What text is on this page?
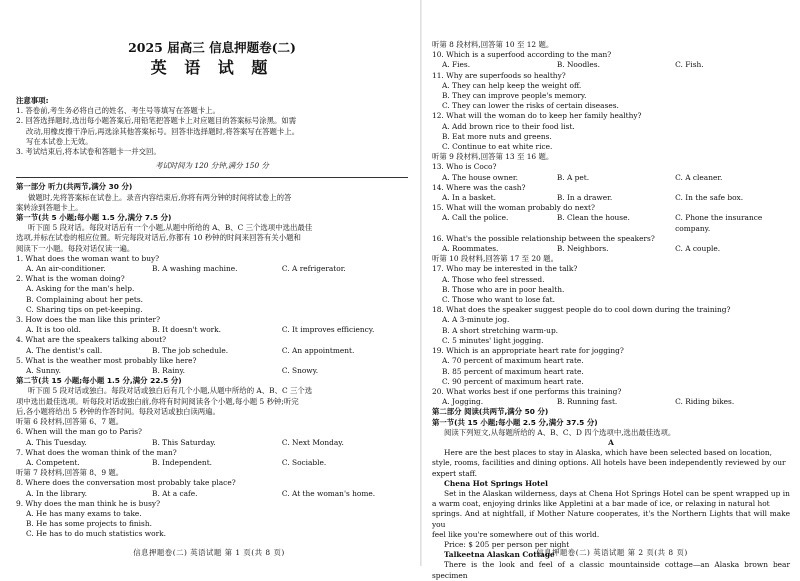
2025 届高三 信息押题卷(二)
英 语 试 题
注意事项:
1. 答卷前,考生务必将自己的姓名、考生号等填写在答题卡上。
2. 回答选择题时,选出每小题答案后,用铅笔把答题卡上对应题目的答案标号涂黑。如需
改动,用橡皮擦干净后,再选涂其他答案标号。回答非选择题时,将答案写在答题卡上。
写在本试卷上无效。
3. 考试结束后,将本试卷和答题卡一并交回。
考试时间为 120 分钟,满分 150 分
第一部分 听力(共两节,满分 30 分)
做题时,先将答案标在试卷上。录音内容结束后,你将有两分钟的时间将试卷上的答
案转涂到答题卡上。
第一节(共 5 小题;每小题 1.5 分,满分 7.5 分)
听下面 5 段对话。每段对话后有一个小题,从题中所给的 A、B、C 三个选项中选出最佳
选项,并标在试卷的相应位置。听完每段对话后,你都有 10 秒钟的时间来回答有关小题和
阅读下一小题。每段对话仅读一遍。
1. What does the woman want to buy?
A. An air-conditioner.	B. A washing machine.	C. A refrigerator.
2. What is the woman doing?
A. Asking for the man's help.
B. Complaining about her pets.
C. Sharing tips on pet-keeping.
3. How does the man like this printer?
A. It is too old.	B. It doesn't work.	C. It improves efficiency.
4. What are the speakers talking about?
A. The dentist's call.	B. The job schedule.	C. An appointment.
5. What is the weather most probably like here?
A. Sunny.	B. Rainy.	C. Snowy.
第二节(共 15 小题;每小题 1.5 分,满分 22.5 分)
听下面 5 段对话或独白。每段对话或独白后有几个小题,从题中所给的 A、B、C 三个选
项中选出最佳选项。听每段对话或独白前,你将有时间阅读各个小题,每小题 5 秒钟;听完
后,各小题将给出 5 秒钟的作答时间。每段对话或独白读两遍。
听第 6 段材料,回答第 6、7 题。
6. When will the man go to Paris?
A. This Tuesday.	B. This Saturday.	C. Next Monday.
7. What does the woman think of the man?
A. Competent.	B. Independent.	C. Sociable.
听第 7 段材料,回答第 8、9 题。
8. Where does the conversation most probably take place?
A. In the library.	B. At a cafe.	C. At the woman's home.
9. Why does the man think he is busy?
A. He has many exams to take.
B. He has some projects to finish.
C. He has to do much statistics work.
信息押题卷(二) 英语试题 第 1 页(共 8 页)
听第 8 段材料,回答第 10 至 12 题。
10. Which is a superfood according to the man?
A. Fies.	B. Noodles.	C. Fish.
11. Why are superfoods so healthy?
A. They can help keep the weight off.
B. They can improve people's memory.
C. They can lower the risks of certain diseases.
12. What will the woman do to keep her family healthy?
A. Add brown rice to their food list.
B. Eat more nuts and greens.
C. Continue to eat white rice.
听第 9 段材料,回答第 13 至 16 题。
13. Who is Coco?
A. The house owner.	B. A pet.	C. A cleaner.
14. Where was the cash?
A. In a basket.	B. In a drawer.	C. In the safe box.
15. What will the woman probably do next?
A. Call the police.	B. Clean the house.	C. Phone the insurance company.
16. What's the possible relationship between the speakers?
A. Roommates.	B. Neighbors.	C. A couple.
听第 10 段材料,回答第 17 至 20 题。
17. Who may be interested in the talk?
A. Those who feel stressed.
B. Those who are in poor health.
C. Those who want to lose fat.
18. What does the speaker suggest people do to cool down during the training?
A. A 3-minute jog.
B. A short stretching warm-up.
C. 5 minutes' light jogging.
19. Which is an appropriate heart rate for jogging?
A. 70 percent of maximum heart rate.
B. 85 percent of maximum heart rate.
C. 90 percent of maximum heart rate.
20. What works best if one performs this training?
A. Jogging.	B. Running fast.	C. Riding bikes.
第二部分 阅读(共两节,满分 50 分)
第一节(共 15 小题;每小题 2.5 分,满分 37.5 分)
阅读下列短文,从每题所给的 A、B、C、D 四个选项中,选出最佳选项。
A
Here are the best places to stay in Alaska, which have been selected based on location,
style, rooms, facilities and dining options. All hotels have been independently reviewed by our
expert staff.
Chena Hot Springs Hotel
Set in the Alaskan wilderness, days at Chena Hot Springs Hotel can be spent wrapped up in
a warm coat, enjoying drinks like Appletini at a bar made of ice, or relaxing in natural hot
springs. And at nightfall, if Mother Nature cooperates, it's the Northern Lights that will make you
feel like you're somewhere out of this world.
Price: $ 205 per person per night
Talkeetna Alaskan Cottage
There is the look and feel of a classic mountainside cottage—an Alaska brown bear specimen
信息押题卷(二) 英语试题 第 2 页(共 8 页)
